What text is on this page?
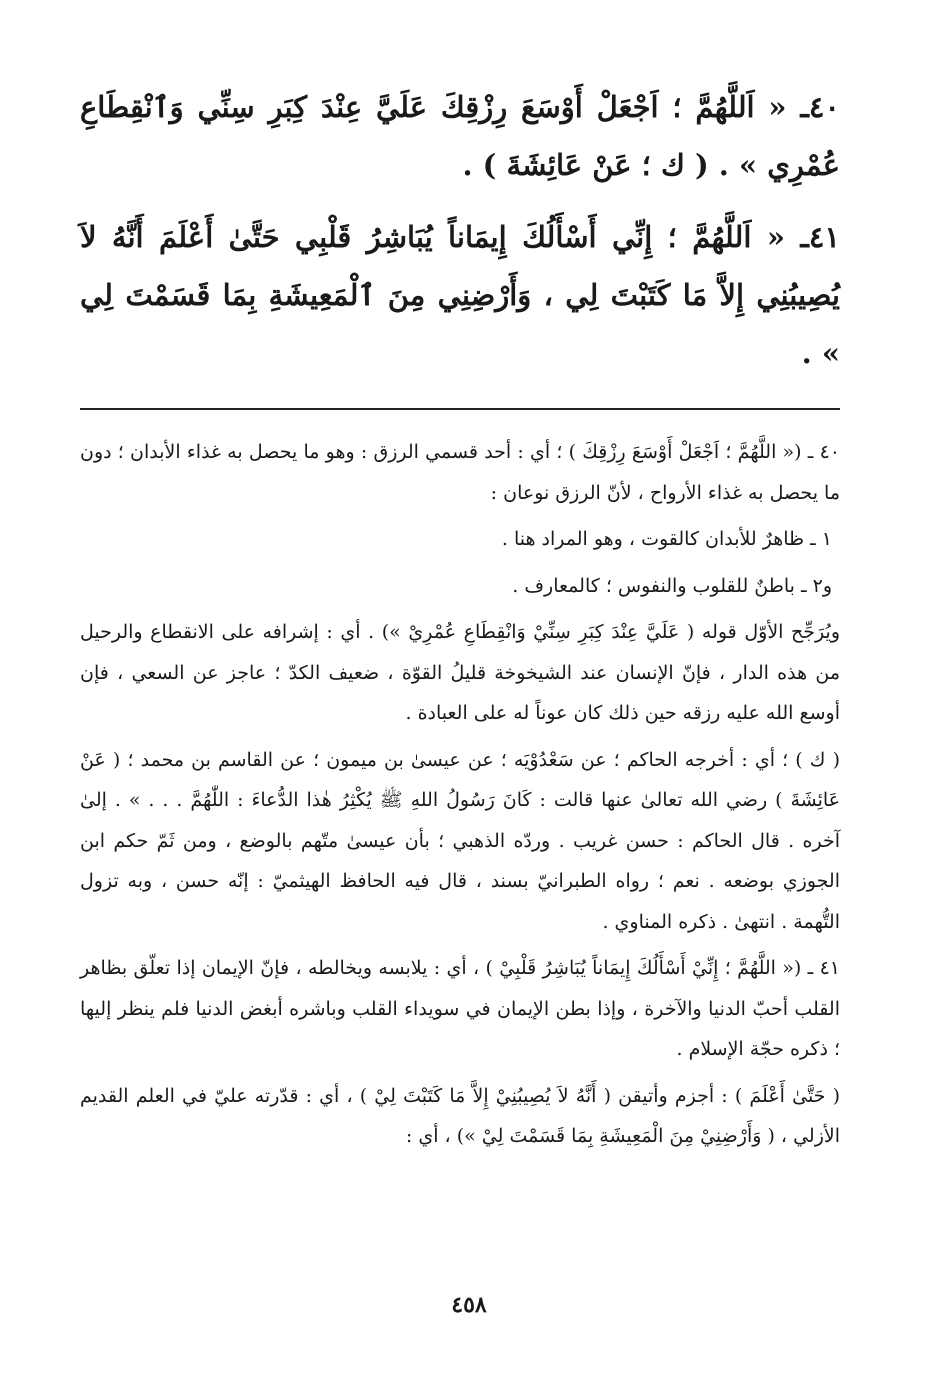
٤٠ـ « اَللَّهُمَّ ؛ اَجْعَلْ أَوْسَعَ رِزْقِكَ عَلَيَّ عِنْدَ كِبَرِ سِنِّي وَٱنْقِطَاعِ عُمْرِي » . ( ك ؛ عَنْ عَائِشَةَ ) .

٤١ـ « اَللَّهُمَّ ؛ إِنِّي أَسْأَلُكَ إِيمَاناً يُبَاشِرُ قَلْبِي حَتَّىٰ أَعْلَمَ أَنَّهُ لاَ يُصِيبُنِي إِلاَّ مَا كَتَبْتَ لِي ، وَأَرْضِنِي مِنَ ٱلْمَعِيشَةِ بِمَا قَسَمْتَ لِي » .

٤٠ ـ (« اللَّهُمَّ ؛ اَجْعَلْ أَوْسَعَ رِزْقِكَ ) ؛ أي : أحد قسمي الرزق : وهو ما يحصل به غذاء الأبدان ؛ دون ما يحصل به غذاء الأرواح ، لأنّ الرزق نوعان :

١ ـ ظاهرٌ للأبدان كالقوت ، وهو المراد هنا .

و٢ ـ باطنٌ للقلوب والنفوس ؛ كالمعارف .

ويُرَجِّح الأوّل قوله ( عَلَيَّ عِنْدَ كِبَرِ سِنِّيْ وَانْقِطَاعِ عُمْرِيْ ») . أي : إشرافه على الانقطاع والرحيل من هذه الدار ، فإنّ الإنسان عند الشيخوخة قليلُ القوّة ، ضعيف الكدّ ؛ عاجز عن السعي ، فإن أوسع الله عليه رزقه حين ذلك كان عوناً له على العبادة .

( ك ) ؛ أي : أخرجه الحاكم ؛ عن سَعْدُوْيَه ؛ عن عيسىٰ بن ميمون ؛ عن القاسم بن محمد ؛ ( عَنْ عَائِشَةَ ) رضي الله تعالىٰ عنها قالت : كَانَ رَسُولُ اللهِ ﷺ يُكْثِرُ هٰذا الدُّعاءَ : اللّٰهُمَّ . . . » . إلىٰ آخره . قال الحاكم : حسن غريب . وردّه الذهبي ؛ بأن عيسىٰ متّهم بالوضع ، ومن ثَمّ حكم ابن الجوزي بوضعه . نعم ؛ رواه الطبرانيّ بسند ، قال فيه الحافظ الهيثميّ : إنّه حسن ، وبه تزول التُّهمة . انتهىٰ . ذكره المناوي .

٤١ ـ (« اللَّهُمَّ ؛ إِنِّيْ أَسْأَلُكَ إِيمَاناً يُبَاشِرُ قَلْبِيْ ) ، أي : يلابسه ويخالطه ، فإنّ الإيمان إذا تعلّق بظاهر القلب أحبّ الدنيا والآخرة ، وإذا بطن الإيمان في سويداء القلب وباشره أبغض الدنيا فلم ينظر إليها ؛ ذكره حجّة الإسلام .

( حَتَّىٰ أَعْلَمَ ) : أجزم وأتيقن ( أَنَّهُ لاَ يُصِيبُنِيْ إِلاَّ مَا كَتَبْتَ لِيْ ) ، أي : قدّرته عليّ في العلم القديم الأزلي ، ( وَأَرْضِنِيْ مِنَ الْمَعِيشَةِ بِمَا قَسَمْتَ لِيْ ») ، أي :

٤٥٨
